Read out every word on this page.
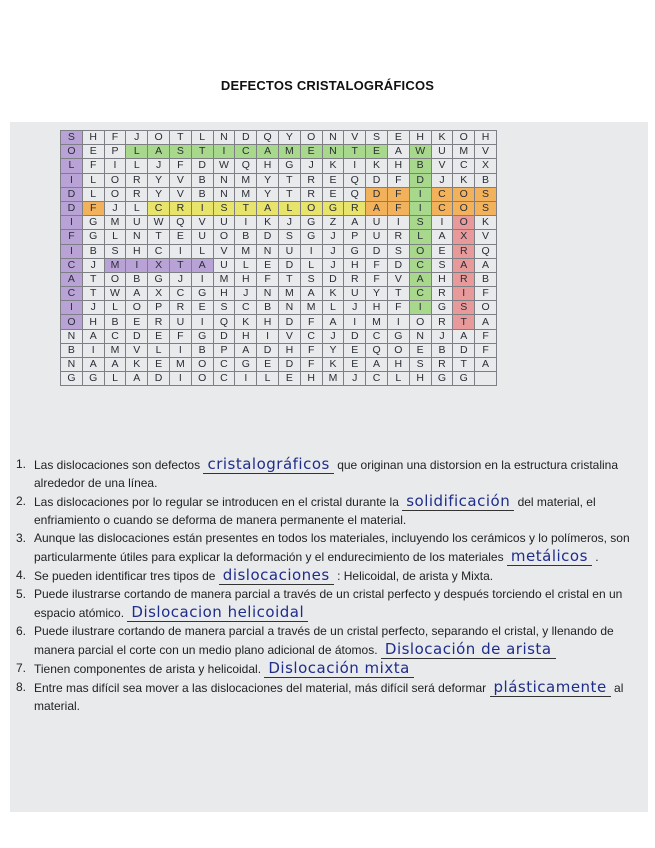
DEFECTOS CRISTALOGRÁFICOS
S	H	F	J	O	T	L	N	D	Q	Y	O	N	V	S	E	H	K	O	H
O	E	P	L	A	S	T	I	C	A	M	E	N	T	E	A	W	U	M	V
L	F	I	L	J	F	D	W	Q	H	G	J	K	I	K	H	B	V	C	X
I	L	O	R	Y	V	B	N	M	Y	T	R	E	Q	D	F	D	J	K	B
D	L	O	R	Y	V	B	N	M	Y	T	R	E	Q	D	F	I	C	O	S
D	F	J	L	C	R	I	S	T	A	L	O	G	R	A	F	I	C	O	S
I	G	M	U	W	Q	V	U	I	K	J	G	Z	A	U	I	S	I	O	K
F	G	L	N	T	E	U	O	B	D	S	G	J	P	U	R	L	A	X	V
I	B	S	H	C	I	L	V	M	N	U	I	J	G	D	S	O	E	R	Q
C	J	M	I	X	T	A	U	L	E	D	L	J	H	F	D	C	S	A	A
A	T	O	B	G	J	I	M	H	F	T	S	D	R	F	V	A	H	R	B
C	T	W	A	X	C	G	H	J	N	M	A	K	U	Y	T	C	R	I	F
I	J	L	O	P	R	E	S	C	B	N	M	L	J	H	F	I	G	S	O
O	H	B	E	R	U	I	Q	K	H	D	F	A	I	M	I	O	R	T	A
N	A	C	D	E	F	G	D	H	I	V	C	J	D	C	G	N	J	A	F
B	I	M	V	L	I	B	P	A	D	H	F	Y	E	Q	O	E	B	D	F
N	A	A	K	E	M	O	C	G	E	D	F	K	E	A	H	S	R	T	A
G	G	L	A	D	I	O	C	I	L	E	H	M	J	C	L	H	G	G	
1. Las dislocaciones son defectos cristalográficos que originan una distorsion en la estructura cristalina alrededor de una línea.
2. Las dislocaciones por lo regular se introducen en el cristal durante la solidificación del material, el enfriamiento o cuando se deforma de manera permanente el material.
3. Aunque las dislocaciones están presentes en todos los materiales, incluyendo los cerámicos y lo polímeros, son particularmente útiles para explicar la deformación y el endurecimiento de los materiales metálicos .
4. Se pueden identificar tres tipos de dislocaciones : Helicoidal, de arista y Mixta.
5. Puede ilustrarse cortando de manera parcial a través de un cristal perfecto y después torciendo el cristal en un espacio atómico. Dislocacion helicoidal
6. Puede ilustrare cortando de manera parcial a través de un cristal perfecto, separando el cristal, y llenando de manera parcial el corte con un medio plano adicional de átomos. Dislocación de arista
7. Tienen componentes de arista y helicoidal. Dislocación mixta
8. Entre mas difícil sea mover a las dislocaciones del material, más difícil será deformar plásticamente al material.
